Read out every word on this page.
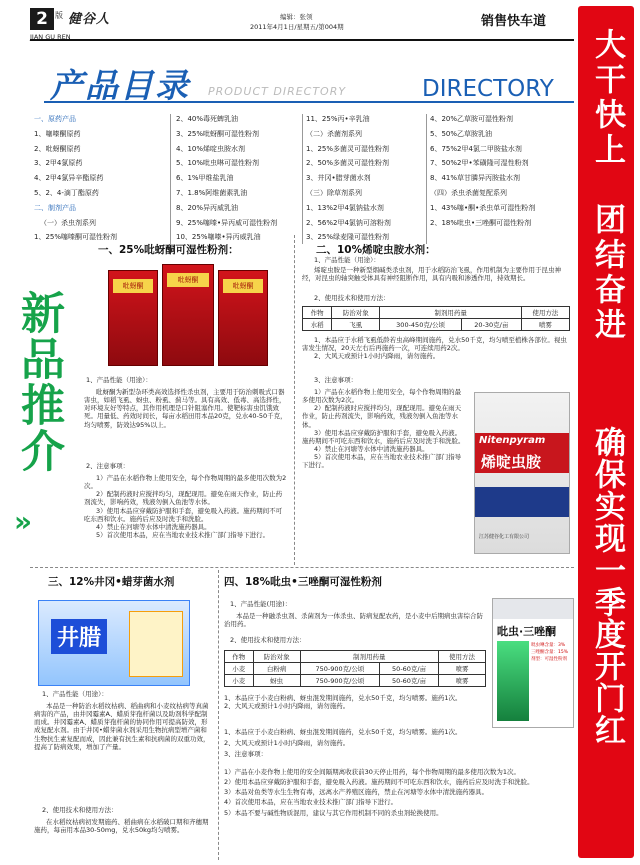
2 版 健谷人
JIAN GU REN
编辑：张领
2011年4月1日/星期五/第004期	销售快车道
大干快上　团结奋进
确保实现一季度开门红
产品目录 PRODUCT DIRECTORY	DIRECTORY
一、原药产品
1、噻嗪酮原药
2、吡蚜酮原药
3、2甲4氯原药
4、2甲4氯异辛酯原药
5、2、4-滴丁酯原药
二、制剂产品
（一）杀虫剂系列
1、25%噻嗪酮可湿性粉剂
2、40%毒死蜱乳油
3、25%吡蚜酮可湿性粉剂
4、10%烯啶虫胺水剂
5、10%吡虫啉可湿性粉剂
6、1%甲维盐乳油
7、1.8%阿维菌素乳油
8、20%异丙威乳油
9、25%噻嗪•异丙威可湿性粉剂
10、25%噻嗪•异丙威乳油
11、25%丙•辛乳油
（二）杀菌剂系列
1、25%多菌灵可湿性粉剂
2、50%多菌灵可湿性粉剂
3、井冈•腊芽菌水剂
（三）除草剂系列
1、13%2甲4氯钠盐水剂
2、56%2甲4氯钠可溶粉剂
3、25%绿麦隆可湿性粉剂
4、20%乙草胺可湿性粉剂
5、50%乙草胺乳油
6、75%2甲4氯二甲胺盐水剂
7、50%2甲•苯磺隆可湿性粉剂
8、41%草甘膦异丙胺盐水剂
（四）杀虫杀菌复配系列
1、43%噻•酮•杀虫单可湿性粉剂
2、18%吡虫•三唑酮可湿性粉剂
新品推介
»
一、25%吡蚜酮可湿性粉剂：
吡蚜酮
吡蚜酮
吡蚜酮
1、产品性能（用途）：
吡蚜酮为新型杂环类高效选择性杀虫剂，主要用于防治刺吸式口器害虫，如稻飞虱、蚜虫、粉虱、蓟马等。具有高效、低毒、高选择性，对环境友好等特点，其作用机理是口针阻塞作用。使靶标害虫饥饿致死。用量低、药效时间长，每亩水稻田用本品20克，兑水40-50千克，均匀喷雾，防效达95%以上。
2、注意事项：
1）产品在水稻作物上使用安全，每个作物周期的最多使用次数为2次。
2）配制药液时应搅拌均匀，现配现用。避免在雨天作业，防止药剂流失，影响药效，残液勿倒入鱼池等水体。
3）使用本品应穿戴防护服和手套，避免吸入药液。施药期间不可吃东西和饮水。施药后应及时洗手和洗脸。
4）禁止在河塘等水体中清洗施药器具。
5）首次使用本品，应在当地农业技术推广部门指导下进行。
二、10%烯啶虫胺水剂：
1、产品性能（用途）：
烯啶虫胺是一种新型烟碱类杀虫剂，用于水稻防治飞虱，作用机制为主要作用于昆虫神经，对昆虫的轴突触受体具有神经阻断作用，具有内吸和渗透作用，持效期长。
2、使用技术和使用方法：
作物	防治对象	制剂用药量		使用方法
水稻	飞虱	300-450克/公顷	20-30克/亩	喷雾
1、本品应于水稻飞虱低龄若虫高峰期间施药，兑水50千克，均匀喷至植株各部位。视虫害发生情况，20天左右后再施药一次，可连续用药2次。
2、大风天或预计1小时内降雨，请勿施药。
3、注意事项：
1）产品在水稻作物上使用安全，每个作物周期的最多使用次数为2次。
2）配制药液时应搅拌均匀，现配现用。避免在雨天作业，防止药剂流失，影响药效，残液勿倒入鱼池等水体。
3）使用本品应穿戴防护服和手套，避免吸入药液。施药期间不可吃东西和饮水，施药后应及时洗手和洗脸。
4）禁止在河塘等水体中清洗施药器具。
5）首次使用本品，应在当地农业技术推广部门指导下进行。
Nitenpyram
烯啶虫胺
江苏健谷化工有限公司
三、12%井冈•蜡芽菌水剂
井腊
1、产品性能（用途）：
本品是一种防治水稻纹枯病、稻曲病和小麦纹枯病等真菌病害的产品，由井冈霉素A、蜡质芽孢杆菌以及助剂科学配制而成。井冈霉素A、蜡质芽孢杆菌的协同作用可提高防效，形成复配水剂。由于井冈•蜡芽菌水剂采用生物抗病型增产菌和生物抗生素复配而成，因此兼有抗生素和抗病菌的双重功效，提高了防病效果，增加了产量。
2、使用技术和使用方法：
在水稻纹枯病初发期施药、稻曲病在水稻破口期和齐穗期施药，每亩用本品30-50mg，兑水50kg均匀喷雾。
四、18%吡虫•三唑酮可湿性粉剂
1、产品性能(用途)：
本品是一种融杀虫剂、杀菌剂为一体杀虫、防病复配农药，是小麦中后期病虫害综合防治用药。
2、使用技术和使用方法：
作物	防治对象	制剂用药量		使用方法
小麦	白粉病	750-900克/公顷	50-60克/亩	喷雾
小麦	蚜虫	750-900克/公顷	50-60克/亩	喷雾
1、本品应于小麦白粉病、蚜虫混发期间施药，兑水50千克，均匀喷雾。施药1次。
2、大风天或预计1小时内降雨，请勿施药。
1、本品应于小麦白粉病、蚜虫混发期间施药，兑水50千克，均匀喷雾。施药1次。
2、大风天或预计1小时内降雨，请勿施药。
3、注意事项：
1）产品在小麦作物上使用的安全间隔期离收获前30天停止用药，每个作物周期的最多使用次数为1次。
2）使用本品应穿戴防护服和手套，避免吸入药液。施药期间不可吃东西和饮水，施药后应及时洗手和洗脸。
3）本品对鱼类等水生生物有毒，远离水产养殖区施药，禁止在河塘等水体中清洗施药器具。
4）首次使用本品，应在当地农业技术推广部门指导下进行。
5）本品不要与碱性物质混用，建议与其它作用机制不同的杀虫剂轮换使用。
吡虫·三唑酮
吡虫啉含量：3%
三唑酮含量：15%
剂型：可湿性粉剂
